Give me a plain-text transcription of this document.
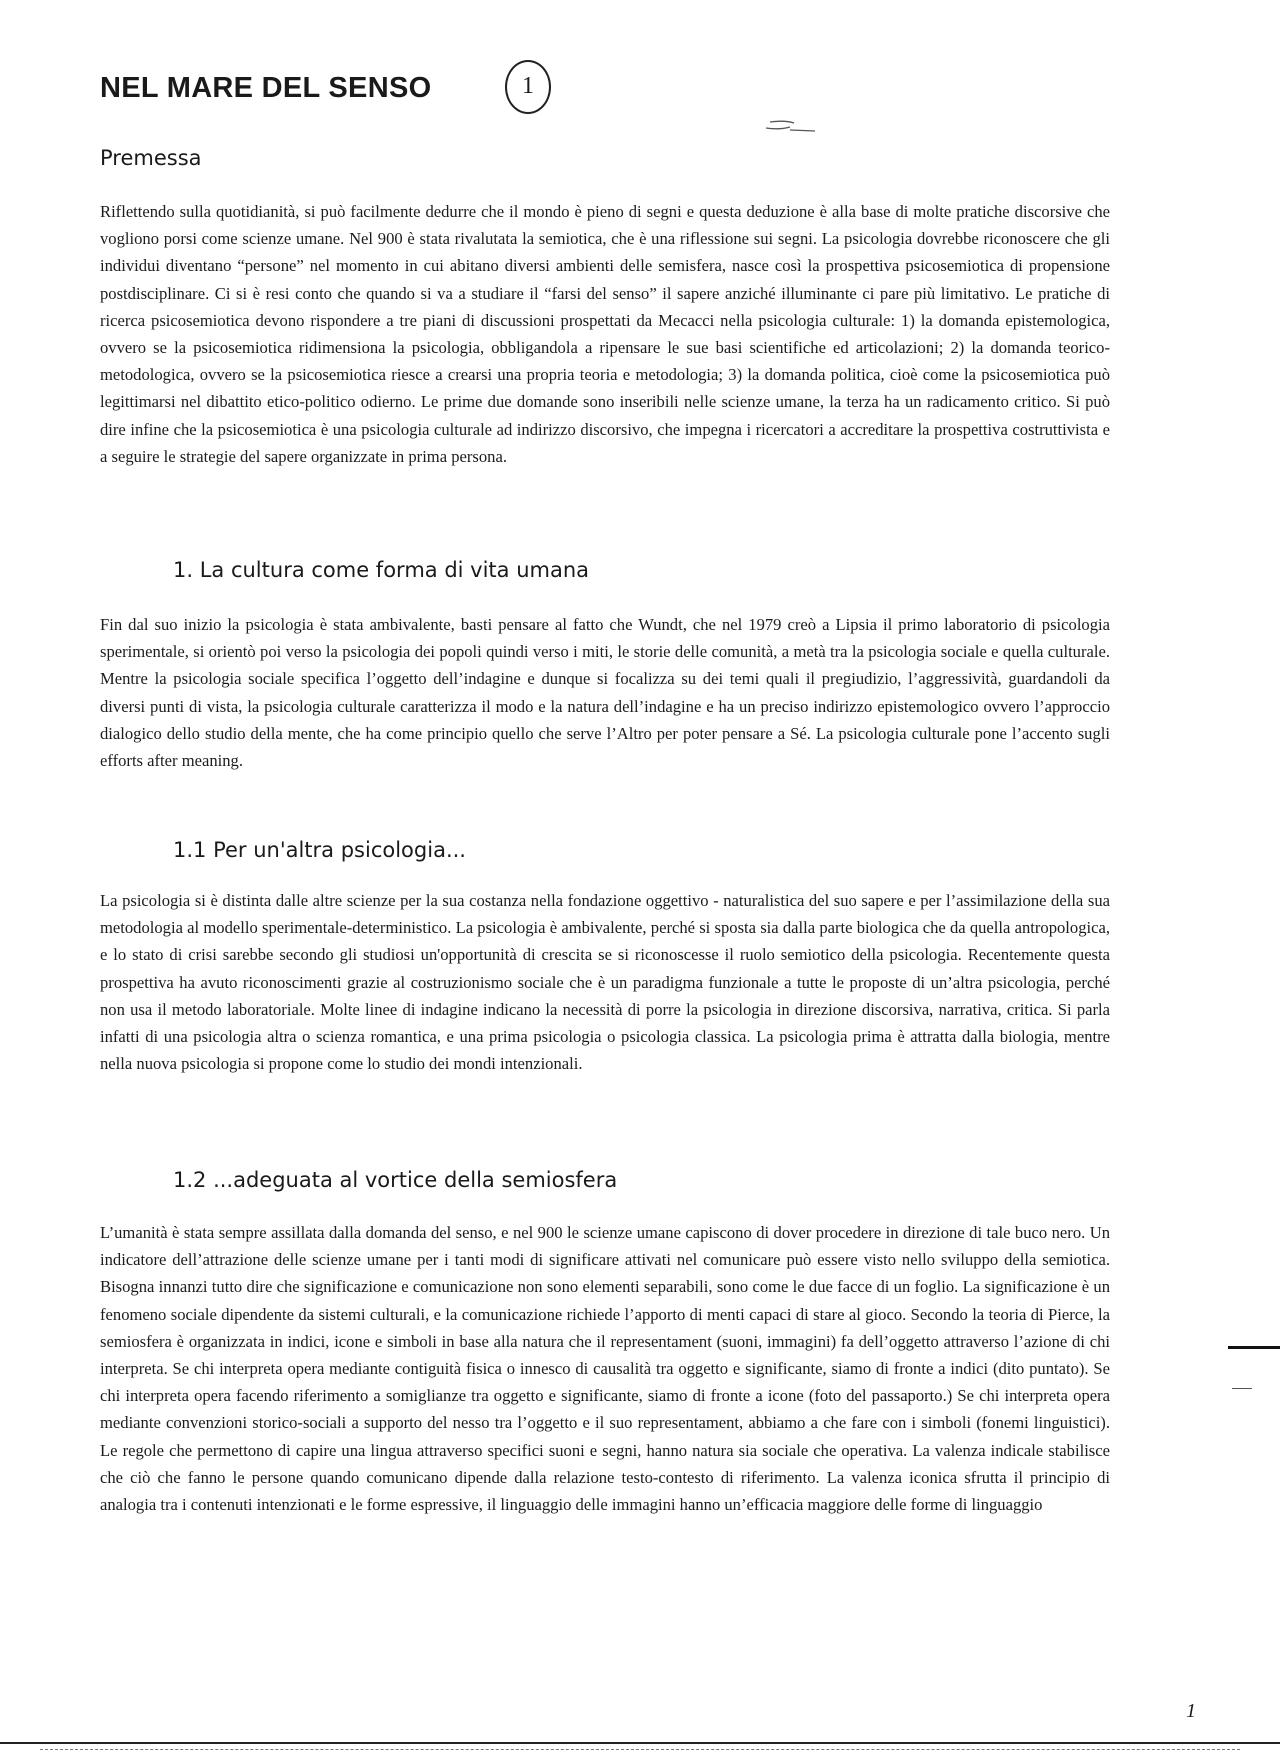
NEL MARE DEL SENSO	1
Premessa

Riflettendo sulla quotidianità, si può facilmente dedurre che il mondo è pieno di segni e questa deduzione è alla base di molte pratiche discorsive che vogliono porsi come scienze umane. Nel 900 è stata rivalutata la semiotica, che è una riflessione sui segni. La psicologia dovrebbe riconoscere che gli individui diventano “persone” nel momento in cui abitano diversi ambienti delle semisfera, nasce così la prospettiva psicosemiotica di propensione postdisciplinare. Ci si è resi conto che quando si va a studiare il “farsi del senso” il sapere anziché illuminante ci pare più limitativo. Le pratiche di ricerca psicosemiotica devono rispondere a tre piani di discussioni prospettati da Mecacci nella psicologia culturale: 1) la domanda epistemologica, ovvero se la psicosemiotica ridimensiona la psicologia, obbligandola a ripensare le sue basi scientifiche ed articolazioni; 2) la domanda teorico-metodologica, ovvero se la psicosemiotica riesce a crearsi una propria teoria e metodologia; 3) la domanda politica, cioè come la psicosemiotica può legittimarsi nel dibattito etico-politico odierno. Le prime due domande sono inseribili nelle scienze umane, la terza ha un radicamento critico. Si può dire infine che la psicosemiotica è una psicologia culturale ad indirizzo discorsivo, che impegna i ricercatori a accreditare la prospettiva costruttivista e a seguire le strategie del sapere organizzate in prima persona.

1. La cultura come forma di vita umana

Fin dal suo inizio la psicologia è stata ambivalente, basti pensare al fatto che Wundt, che nel 1979 creò a Lipsia il primo laboratorio di psicologia sperimentale, si orientò poi verso la psicologia dei popoli quindi verso i miti, le storie delle comunità, a metà tra la psicologia sociale e quella culturale. Mentre la psicologia sociale specifica l’oggetto dell’indagine e dunque si focalizza su dei temi quali il pregiudizio, l’aggressività, guardandoli da diversi punti di vista, la psicologia culturale caratterizza il modo e la natura dell’indagine e ha un preciso indirizzo epistemologico ovvero l’approccio dialogico dello studio della mente, che ha come principio quello che serve l’Altro per poter pensare a Sé. La psicologia culturale pone l’accento sugli efforts after meaning.

1.1 Per un'altra psicologia...

La psicologia si è distinta dalle altre scienze per la sua costanza nella fondazione oggettivo - naturalistica del suo sapere e per l’assimilazione della sua metodologia al modello sperimentale-deterministico. La psicologia è ambivalente, perché si sposta sia dalla parte biologica che da quella antropologica, e lo stato di crisi sarebbe secondo gli studiosi un'opportunità di crescita se si riconoscesse il ruolo semiotico della psicologia. Recentemente questa prospettiva ha avuto riconoscimenti grazie al costruzionismo sociale che è un paradigma funzionale a tutte le proposte di un’altra psicologia, perché non usa il metodo laboratoriale. Molte linee di indagine indicano la necessità di porre la psicologia in direzione discorsiva, narrativa, critica. Si parla infatti di una psicologia altra o scienza romantica, e una prima psicologia o psicologia classica. La psicologia prima è attratta dalla biologia, mentre nella nuova psicologia si propone come lo studio dei mondi intenzionali.

1.2 ...adeguata al vortice della semiosfera

L’umanità è stata sempre assillata dalla domanda del senso, e nel 900 le scienze umane capiscono di dover procedere in direzione di tale buco nero. Un indicatore dell’attrazione delle scienze umane per i tanti modi di significare attivati nel comunicare può essere visto nello sviluppo della semiotica. Bisogna innanzi tutto dire che significazione e comunicazione non sono elementi separabili, sono come le due facce di un foglio. La significazione è un fenomeno sociale dipendente da sistemi culturali, e la comunicazione richiede l’apporto di menti capaci di stare al gioco. Secondo la teoria di Pierce, la semiosfera è organizzata in indici, icone e simboli in base alla natura che il representament (suoni, immagini) fa dell’oggetto attraverso l’azione di chi interpreta. Se chi interpreta opera mediante contiguità fisica o innesco di causalità tra oggetto e significante, siamo di fronte a indici (dito puntato). Se chi interpreta opera facendo riferimento a somiglianze tra oggetto e significante, siamo di fronte a icone (foto del passaporto.) Se chi interpreta opera mediante convenzioni storico-sociali a supporto del nesso tra l’oggetto e il suo representament, abbiamo a che fare con i simboli (fonemi linguistici). Le regole che permettono di capire una lingua attraverso specifici suoni e segni, hanno natura sia sociale che operativa. La valenza indicale stabilisce che ciò che fanno le persone quando comunicano dipende dalla relazione testo-contesto di riferimento. La valenza iconica sfrutta il principio di analogia tra i contenuti intenzionati e le forme espressive, il linguaggio delle immagini hanno un’efficacia maggiore delle forme di linguaggio

1
